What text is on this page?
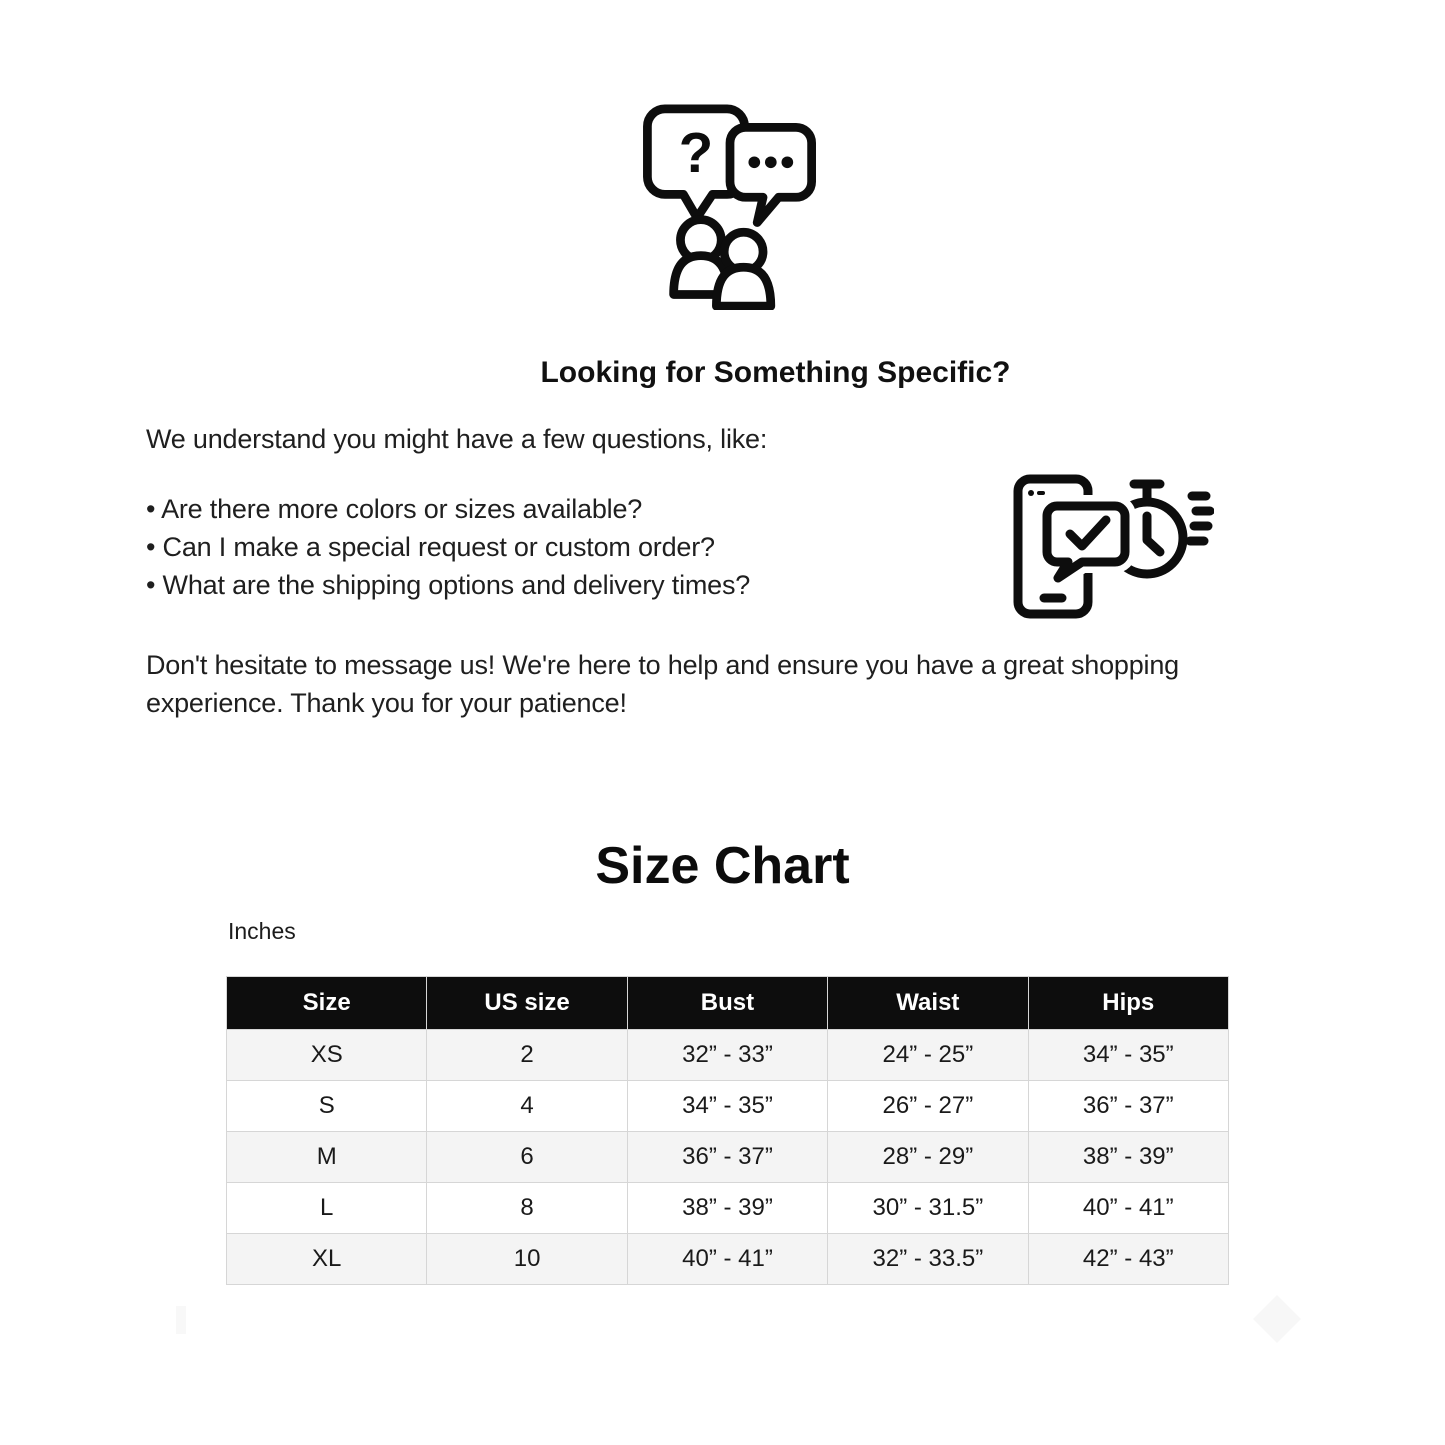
?
Looking for Something Specific?

We understand you might have a few questions, like:

• Are there more colors or sizes available?
• Can I make a special request or custom order?
• What are the shipping options and delivery times?

Don't hesitate to message us! We're here to help and ensure you have a great shopping experience. Thank you for your patience!

Size Chart
Inches
Size	US size	Bust	Waist	Hips
XS	2	32” - 33”	24” - 25”	34” - 35”
S	4	34” - 35”	26” - 27”	36” - 37”
M	6	36” - 37”	28” - 29”	38” - 39”
L	8	38” - 39”	30” - 31.5”	40” - 41”
XL	10	40” - 41”	32” - 33.5”	42” - 43”
